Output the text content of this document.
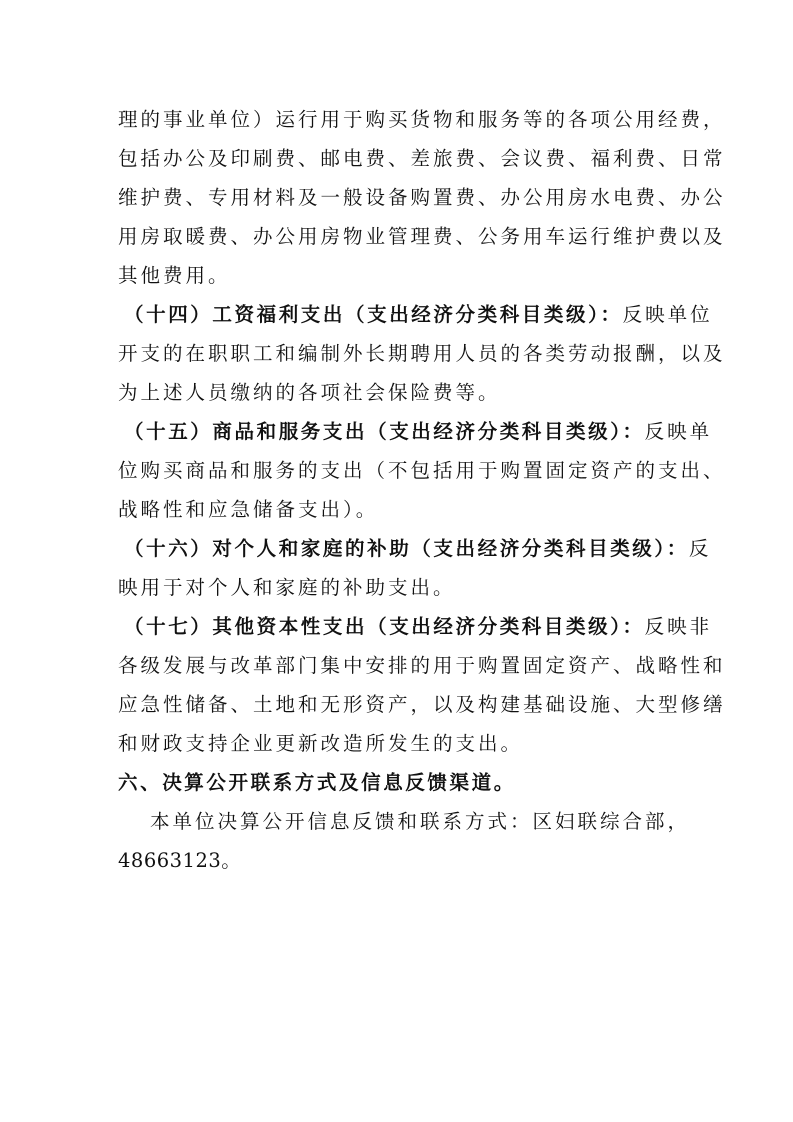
理的事业单位）运行用于购买货物和服务等的各项公用经费，
包括办公及印刷费、邮电费、差旅费、会议费、福利费、日常
维护费、专用材料及一般设备购置费、办公用房水电费、办公
用房取暖费、办公用房物业管理费、公务用车运行维护费以及
其他费用。
（十四）工资福利支出（支出经济分类科目类级）：反映单位
开支的在职职工和编制外长期聘用人员的各类劳动报酬，以及
为上述人员缴纳的各项社会保险费等。
（十五）商品和服务支出（支出经济分类科目类级）：反映单
位购买商品和服务的支出（不包括用于购置固定资产的支出、
战略性和应急储备支出）。
（十六）对个人和家庭的补助（支出经济分类科目类级）：反
映用于对个人和家庭的补助支出。
（十七）其他资本性支出（支出经济分类科目类级）：反映非
各级发展与改革部门集中安排的用于购置固定资产、战略性和
应急性储备、土地和无形资产，以及构建基础设施、大型修缮
和财政支持企业更新改造所发生的支出。
六、决算公开联系方式及信息反馈渠道。
本单位决算公开信息反馈和联系方式：区妇联综合部，
48663123。
